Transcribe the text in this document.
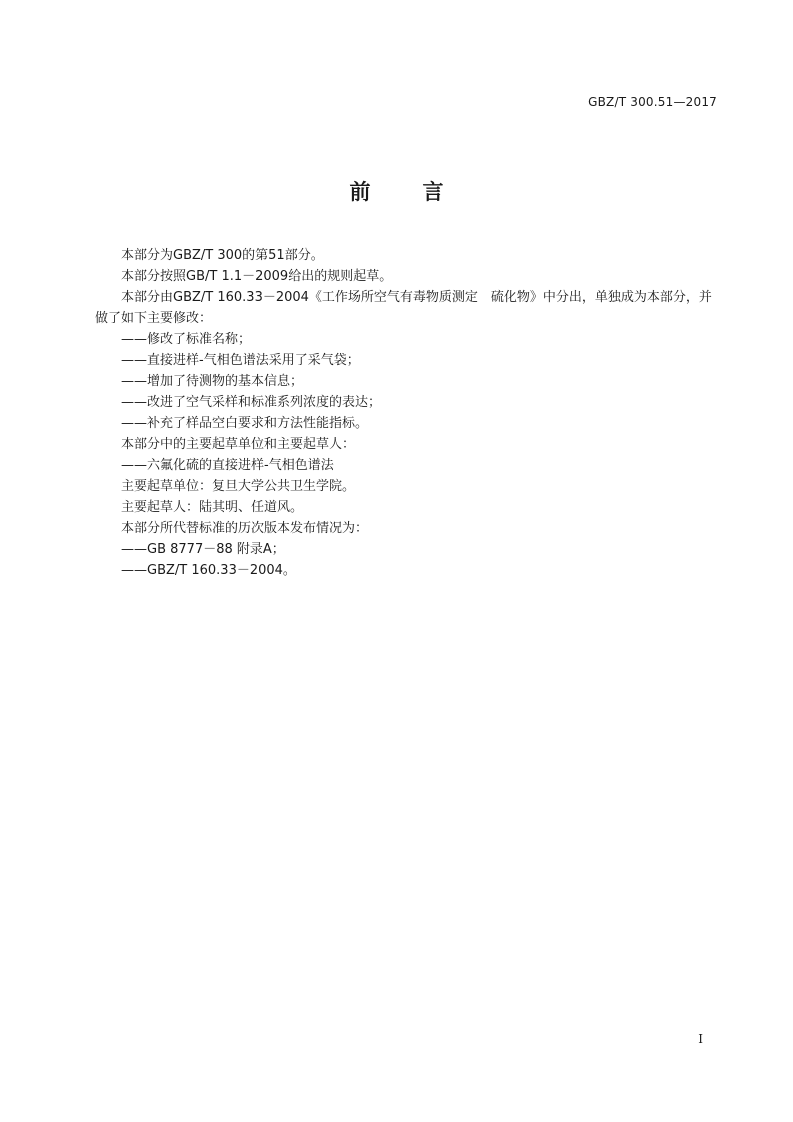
GBZ/T 300.51—2017
前 言

本部分为GBZ/T 300的第51部分。

本部分按照GB/T 1.1－2009给出的规则起草。

本部分由GBZ/T 160.33－2004《工作场所空气有毒物质测定　硫化物》中分出，单独成为本部分，并做了如下主要修改：

——修改了标准名称；

——直接进样-气相色谱法采用了采气袋；

——增加了待测物的基本信息；

——改进了空气采样和标准系列浓度的表达；

——补充了样品空白要求和方法性能指标。

本部分中的主要起草单位和主要起草人：

——六氟化硫的直接进样-气相色谱法

主要起草单位：复旦大学公共卫生学院。

主要起草人：陆其明、任道风。

本部分所代替标准的历次版本发布情况为：

——GB 8777－88 附录A；

——GBZ/T 160.33－2004。

I
